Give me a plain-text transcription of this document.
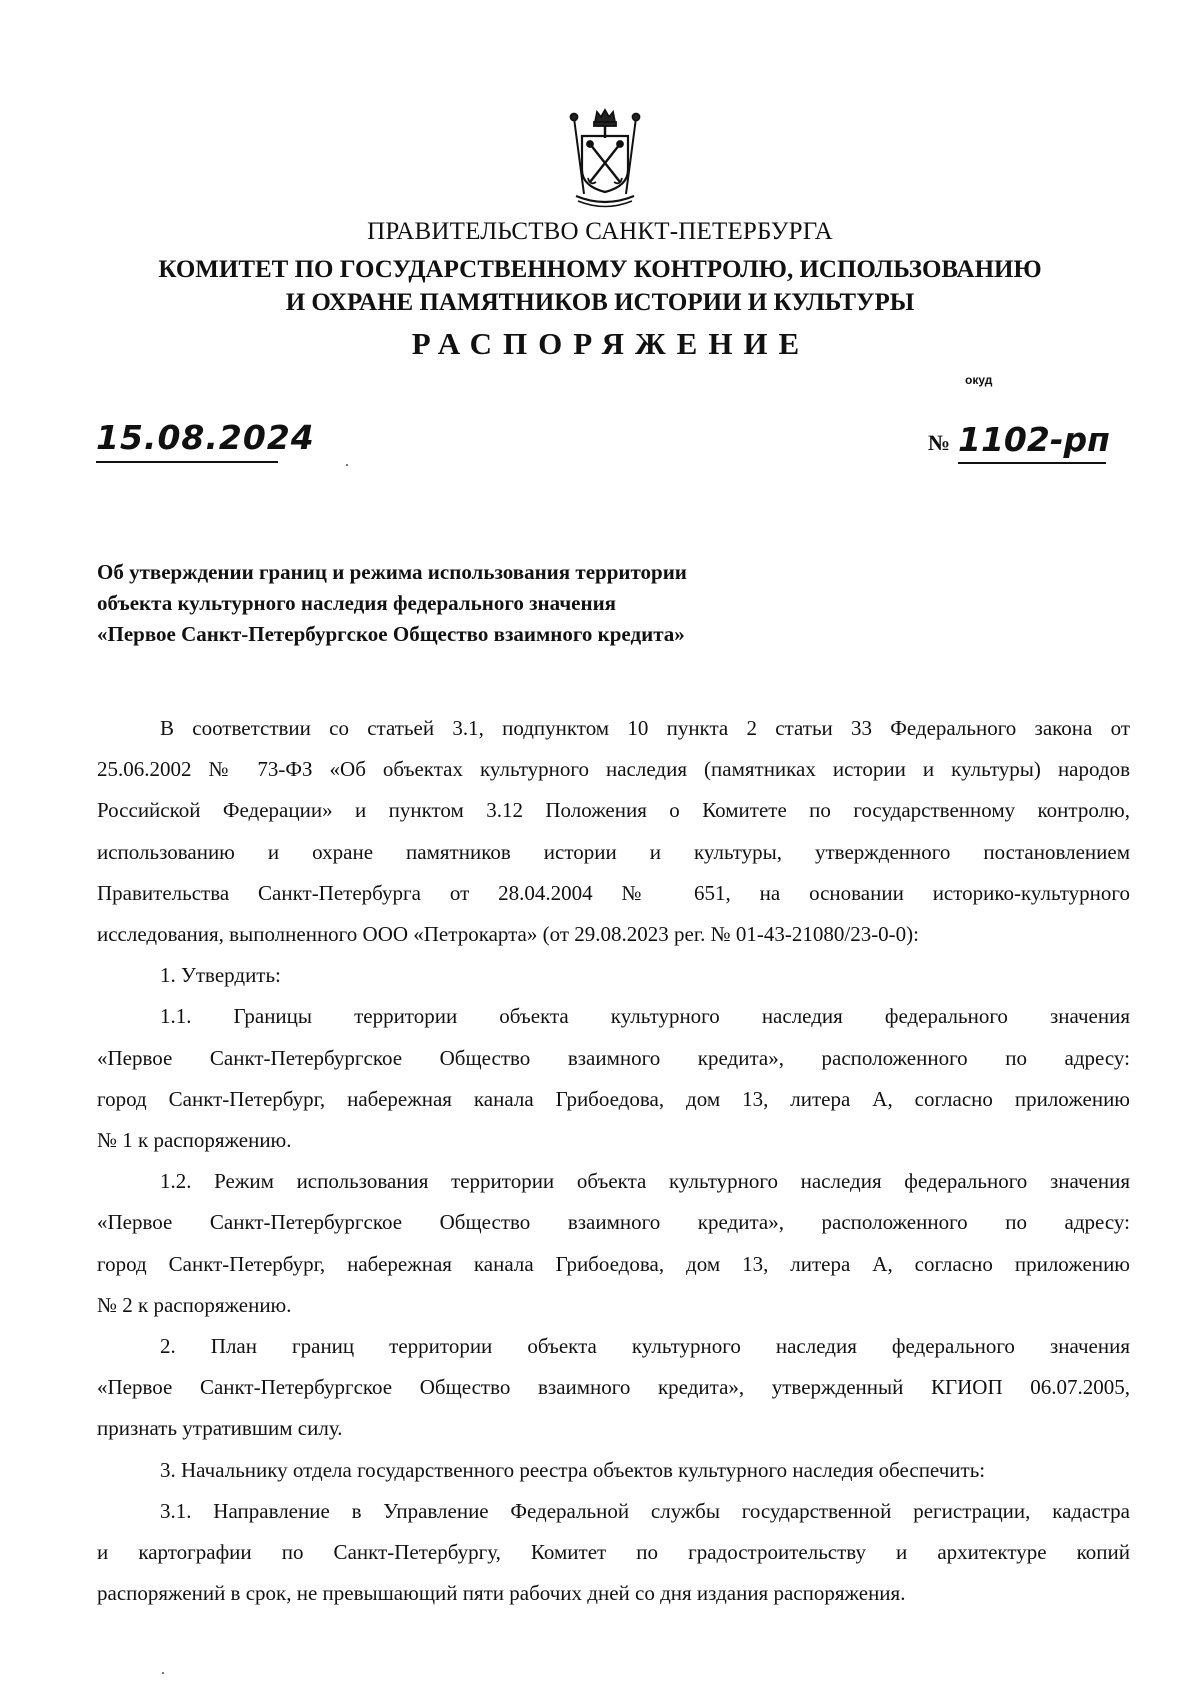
ПРАВИТЕЛЬСТВО САНКТ-ПЕТЕРБУРГА
КОМИТЕТ ПО ГОСУДАРСТВЕННОМУ КОНТРОЛЮ, ИСПОЛЬЗОВАНИЮ
И ОХРАНЕ ПАМЯТНИКОВ ИСТОРИИ И КУЛЬТУРЫ
РАСПОРЯЖЕНИЕ
окуд
15.08.2024	№ 1102-рп
Об утверждении границ и режима использования территории
объекта культурного наследия федерального значения
«Первое Санкт-Петербургское Общество взаимного кредита»
В соответствии со статьей 3.1, подпунктом 10 пункта 2 статьи 33 Федерального закона от
25.06.2002 № 73-ФЗ «Об объектах культурного наследия (памятниках истории и культуры) народов
Российской Федерации» и пунктом 3.12 Положения о Комитете по государственному контролю,
использованию и охране памятников истории и культуры, утвержденного постановлением
Правительства Санкт-Петербурга от 28.04.2004 № 651, на основании историко-культурного
исследования, выполненного ООО «Петрокарта» (от 29.08.2023 рег. № 01-43-21080/23-0-0):
1. Утвердить:
1.1. Границы территории объекта культурного наследия федерального значения
«Первое Санкт-Петербургское Общество взаимного кредита», расположенного по адресу:
город Санкт-Петербург, набережная канала Грибоедова, дом 13, литера А, согласно приложению
№ 1 к распоряжению.
1.2. Режим использования территории объекта культурного наследия федерального значения
«Первое Санкт-Петербургское Общество взаимного кредита», расположенного по адресу:
город Санкт-Петербург, набережная канала Грибоедова, дом 13, литера А, согласно приложению
№ 2 к распоряжению.
2. План границ территории объекта культурного наследия федерального значения
«Первое Санкт-Петербургское Общество взаимного кредита», утвержденный КГИОП 06.07.2005,
признать утратившим силу.
3. Начальнику отдела государственного реестра объектов культурного наследия обеспечить:
3.1. Направление в Управление Федеральной службы государственной регистрации, кадастра
и картографии по Санкт-Петербургу, Комитет по градостроительству и архитектуре копий
распоряжений в срок, не превышающий пяти рабочих дней со дня издания распоряжения.
